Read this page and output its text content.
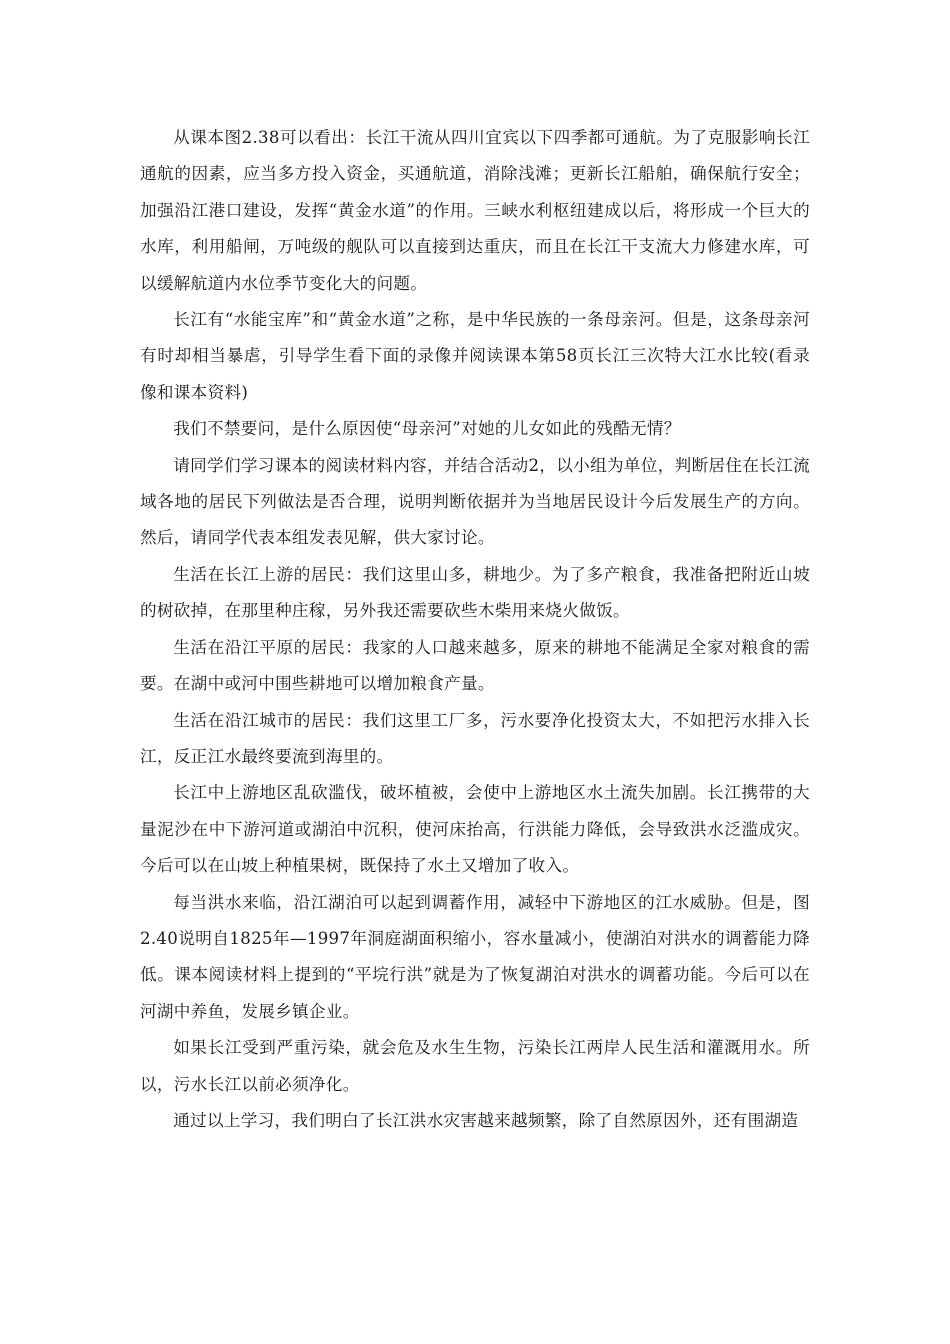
从课本图2.38可以看出：长江干流从四川宜宾以下四季都可通航。为了克服影响长江通航的因素，应当多方投入资金，买通航道，消除浅滩；更新长江船舶，确保航行安全；加强沿江港口建设，发挥“黄金水道”的作用。三峡水利枢纽建成以后，将形成一个巨大的水库，利用船闸，万吨级的舰队可以直接到达重庆，而且在长江干支流大力修建水库，可以缓解航道内水位季节变化大的问题。

长江有“水能宝库”和“黄金水道”之称，是中华民族的一条母亲河。但是，这条母亲河有时却相当暴虐，引导学生看下面的录像并阅读课本第58页长江三次特大江水比较(看录像和课本资料)

我们不禁要问，是什么原因使“母亲河”对她的儿女如此的残酷无情？

请同学们学习课本的阅读材料内容，并结合活动2，以小组为单位，判断居住在长江流域各地的居民下列做法是否合理，说明判断依据并为当地居民设计今后发展生产的方向。然后，请同学代表本组发表见解，供大家讨论。

生活在长江上游的居民：我们这里山多，耕地少。为了多产粮食，我准备把附近山坡的树砍掉，在那里种庄稼，另外我还需要砍些木柴用来烧火做饭。

生活在沿江平原的居民：我家的人口越来越多，原来的耕地不能满足全家对粮食的需要。在湖中或河中围些耕地可以增加粮食产量。

生活在沿江城市的居民：我们这里工厂多，污水要净化投资太大，不如把污水排入长江，反正江水最终要流到海里的。

长江中上游地区乱砍滥伐，破坏植被，会使中上游地区水土流失加剧。长江携带的大量泥沙在中下游河道或湖泊中沉积，使河床抬高，行洪能力降低，会导致洪水泛滥成灾。今后可以在山坡上种植果树，既保持了水土又增加了收入。

每当洪水来临，沿江湖泊可以起到调蓄作用，减轻中下游地区的江水威胁。但是，图2.40说明自1825年—1997年洞庭湖面积缩小，容水量减小，使湖泊对洪水的调蓄能力降低。课本阅读材料上提到的“平垸行洪”就是为了恢复湖泊对洪水的调蓄功能。今后可以在河湖中养鱼，发展乡镇企业。

如果长江受到严重污染，就会危及水生生物，污染长江两岸人民生活和灌溉用水。所以，污水长江以前必须净化。

通过以上学习，我们明白了长江洪水灾害越来越频繁，除了自然原因外，还有围湖造
